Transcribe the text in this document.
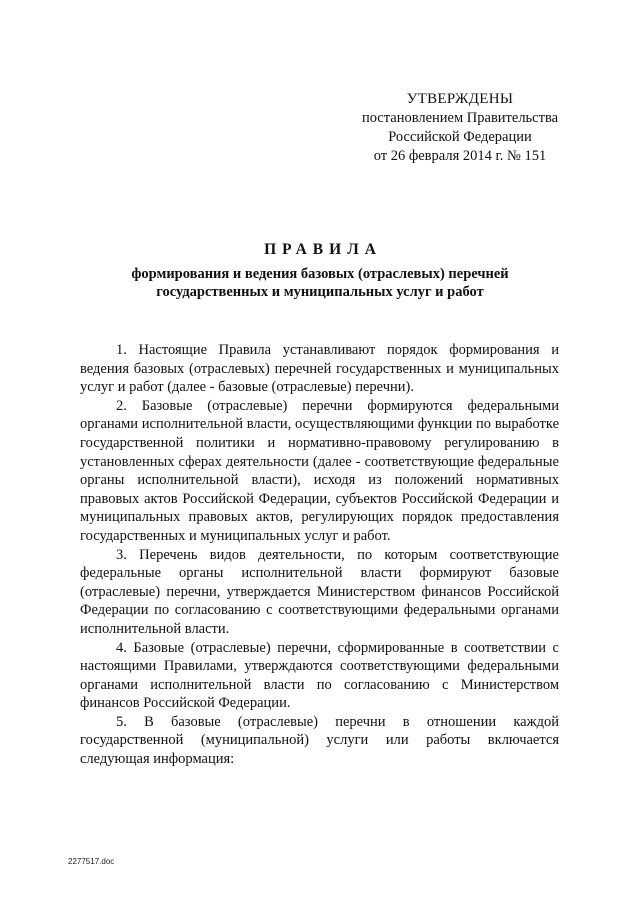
УТВЕРЖДЕНЫ
постановлением Правительства
Российской Федерации
от 26 февраля 2014 г. № 151
ПРАВИЛА
формирования и ведения базовых (отраслевых) перечней
государственных и муниципальных услуг и работ

1. Настоящие Правила устанавливают порядок формирования и ведения базовых (отраслевых) перечней государственных и муниципальных услуг и работ (далее - базовые (отраслевые) перечни).

2. Базовые (отраслевые) перечни формируются федеральными органами исполнительной власти, осуществляющими функции по выработке государственной политики и нормативно-правовому регулированию в установленных сферах деятельности (далее - соответствующие федеральные органы исполнительной власти), исходя из положений нормативных правовых актов Российской Федерации, субъектов Российской Федерации и муниципальных правовых актов, регулирующих порядок предоставления государственных и муниципальных услуг и работ.

3. Перечень видов деятельности, по которым соответствующие федеральные органы исполнительной власти формируют базовые (отраслевые) перечни, утверждается Министерством финансов Российской Федерации по согласованию с соответствующими федеральными органами исполнительной власти.

4. Базовые (отраслевые) перечни, сформированные в соответствии с настоящими Правилами, утверждаются соответствующими федеральными органами исполнительной власти по согласованию с Министерством финансов Российской Федерации.

5. В базовые (отраслевые) перечни в отношении каждой государственной (муниципальной) услуги или работы включается следующая информация:

2277517.doc
